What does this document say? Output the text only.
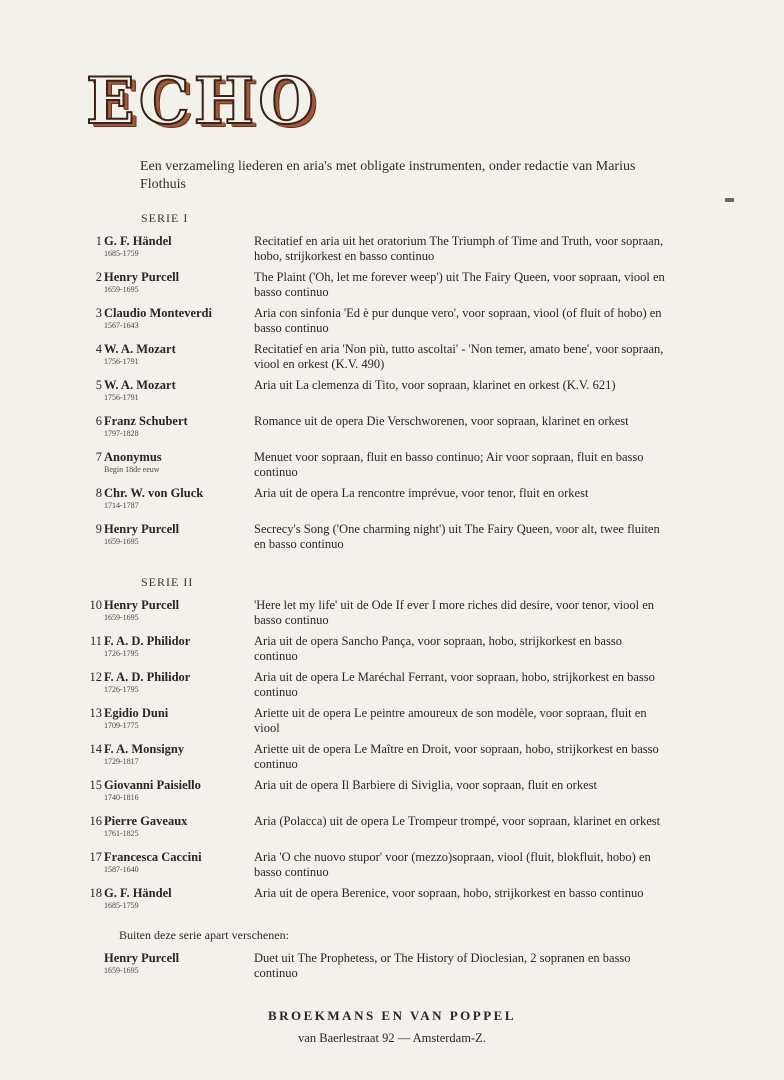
ECHO
Een verzameling liederen en aria's met obligate instrumenten, onder redactie van Marius Flothuis
SERIE I
1 G. F. Händel
1685-1759
Recitatief en aria uit het oratorium The Triumph of Time and Truth, voor sopraan, hobo, strijkorkest en basso continuo
2 Henry Purcell
1659-1695
The Plaint ('Oh, let me forever weep') uit The Fairy Queen, voor sopraan, viool en basso continuo
3 Claudio Monteverdi
1567-1643
Aria con sinfonia 'Ed è pur dunque vero', voor sopraan, viool (of fluit of hobo) en basso continuo
4 W. A. Mozart
1756-1791
Recitatief en aria 'Non più, tutto ascoltai' - 'Non temer, amato bene', voor sopraan, viool en orkest (K.V. 490)
5 W. A. Mozart
1756-1791
Aria uit La clemenza di Tito, voor sopraan, klarinet en orkest (K.V. 621)
6 Franz Schubert
1797-1828
Romance uit de opera Die Verschworenen, voor sopraan, klarinet en orkest
7 Anonymus
Begin 18de eeuw
Menuet voor sopraan, fluit en basso continuo; Air voor sopraan, fluit en basso continuo
8 Chr. W. von Gluck
1714-1787
Aria uit de opera La rencontre imprévue, voor tenor, fluit en orkest
9 Henry Purcell
1659-1695
Secrecy's Song ('One charming night') uit The Fairy Queen, voor alt, twee fluiten en basso continuo
SERIE II
10 Henry Purcell
1659-1695
'Here let my life' uit de Ode If ever I more riches did desire, voor tenor, viool en basso continuo
11 F. A. D. Philidor
1726-1795
Aria uit de opera Sancho Pança, voor sopraan, hobo, strijkorkest en basso continuo
12 F. A. D. Philidor
1726-1795
Aria uit de opera Le Maréchal Ferrant, voor sopraan, hobo, strijkorkest en basso continuo
13 Egidio Duni
1709-1775
Ariette uit de opera Le peintre amoureux de son modèle, voor sopraan, fluit en viool
14 F. A. Monsigny
1729-1817
Ariette uit de opera Le Maître en Droit, voor sopraan, hobo, strijkorkest en basso continuo
15 Giovanni Paisiello
1740-1816
Aria uit de opera Il Barbiere di Siviglia, voor sopraan, fluit en orkest
16 Pierre Gaveaux
1761-1825
Aria (Polacca) uit de opera Le Trompeur trompé, voor sopraan, klarinet en orkest
17 Francesca Caccini
1587-1640
Aria 'O che nuovo stupor' voor (mezzo)sopraan, viool (fluit, blokfluit, hobo) en basso continuo
18 G. F. Händel
1685-1759
Aria uit de opera Berenice, voor sopraan, hobo, strijkorkest en basso continuo
Buiten deze serie apart verschenen:
Henry Purcell
1659-1695
Duet uit The Prophetess, or The History of Dioclesian, 2 sopranen en basso continuo
BROEKMANS EN VAN POPPEL
van Baerlestraat 92 — Amsterdam-Z.
